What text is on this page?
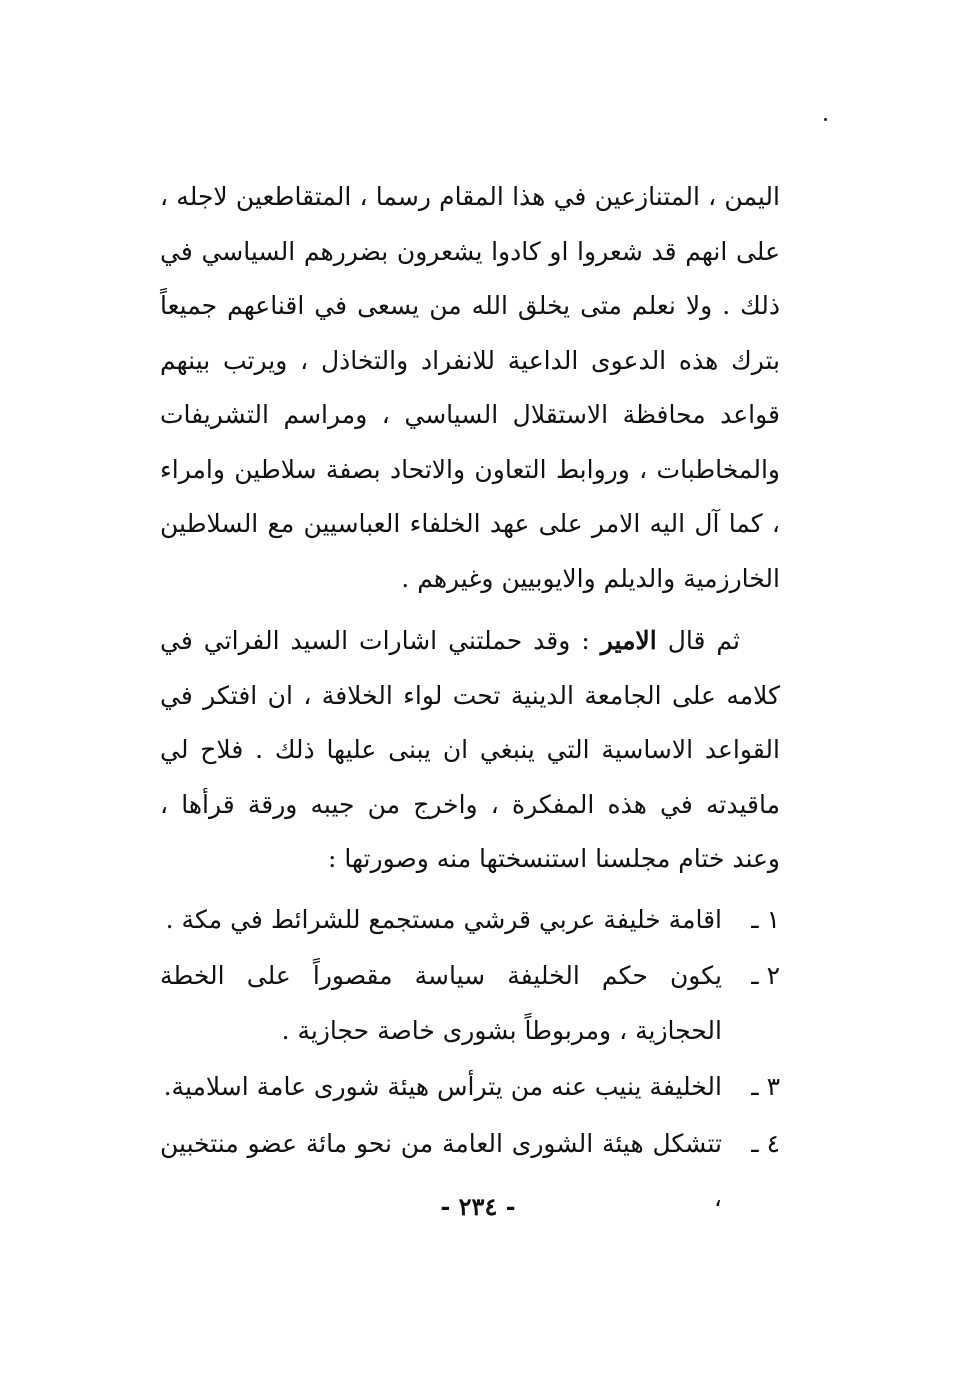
اليمن ، المتنازعين في هذا المقام رسما ، المتقاطعين لاجله ، على انهم قد شعروا او كادوا يشعرون بضررهم السياسي في ذلك . ولا نعلم متى يخلق الله من يسعى في اقناعهم جميعاً بترك هذه الدعوى الداعية للانفراد والتخاذل ، ويرتب بينهم قواعد محافظة الاستقلال السياسي ، ومراسم التشريفات والمخاطبات ، وروابط التعاون والاتحاد بصفة سلاطين وامراء ، كما آل اليه الامر على عهد الخلفاء العباسيين مع السلاطين الخارزمية والديلم والايوبيين وغيرهم .

ثم قال الامير : وقد حملتني اشارات السيد الفراتي في كلامه على الجامعة الدينية تحت لواء الخلافة ، ان افتكر في القواعد الاساسية التي ينبغي ان يبنى عليها ذلك . فلاح لي ماقيدته في هذه المفكرة ، واخرج من جيبه ورقة قرأها ، وعند ختام مجلسنا استنسختها منه وصورتها :

١ ـ
اقامة خليفة عربي قرشي مستجمع للشرائط في مكة .
٢ ـ
يكون حكم الخليفة سياسة مقصوراً على الخطة الحجازية ، ومربوطاً بشورى خاصة حجازية .
٣ ـ
الخليفة ينيب عنه من يترأس هيئة شورى عامة اسلامية.
٤ ـ
تتشكل هيئة الشورى العامة من نحو مائة عضو منتخبين ،
- ٢٣٤ -
